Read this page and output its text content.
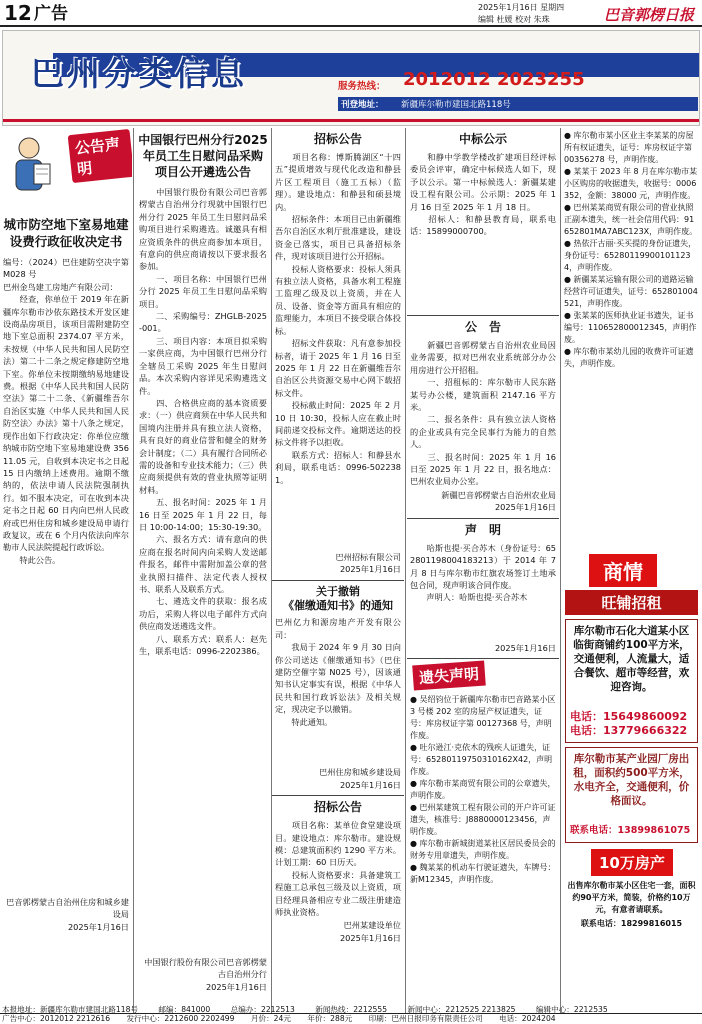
12 广告	2025年1月16日 星期四
编辑 杜媛 校对 朱珠	巴音郭楞日报
巴州分类信息	服务热线： 2012012 2023255
刊登地址： 新疆库尔勒市建国北路118号
公告声明
城市防空地下室易地建设费行政征收决定书
编号：（2024）巴住建防空决字第 M028 号
巴州金鸟建工房地产有限公司：
　　经查，你单位于 2019 年在新疆库尔勒市沙依东路技术开发区建设商品房项目，该项目需附建防空地下室总面积 2374.07 平方米，未按规（中华人民共和国人民防空法）第二十二条之规定修建防空地下室。你单位未按期缴纳易地建设费。根据《中华人民共和国人民防空法》第二十二条、《新疆维吾尔自治区实施〈中华人民共和国人民防空法〉办法》第十八条之规定，现作出如下行政决定：你单位应缴纳城市防空地下室易地建设费 35611.05 元，自收到本决定书之日起 15 日内缴纳上述费用。逾期不缴纳的，依法申请人民法院强制执行。如不服本决定，可在收到本决定书之日起 60 日内向巴州人民政府或巴州住房和城乡建设局申请行政复议，或在 6 个月内依法向库尔勒市人民法院提起行政诉讼。
　　特此公告。
巴音郭楞蒙古自治州住房和城乡建设局
2025年1月16日
中国银行巴州分行2025年员工生日慰问品采购项目公开遴选公告
　　中国银行股份有限公司巴音郭楞蒙古自治州分行现就中国银行巴州分行 2025 年员工生日慰问品采购项目进行采购遴选。诚邀具有相应资质条件的供应商参加本项目，有意向的供应商请按以下要求报名参加。
　　一、项目名称：中国银行巴州分行 2025 年员工生日慰问品采购项目。
　　二、采购编号：ZHGLB-2025-001。
　　三、项目内容：本项目拟采购一家供应商，为中国银行巴州分行全辖员工采购 2025 年生日慰问品。本次采购内容详见采购遴选文件。
　　四、合格供应商的基本资质要求：（一）供应商须在中华人民共和国境内注册并具有独立法人资格，具有良好的商业信誉和健全的财务会计制度；（二）具有履行合同所必需的设备和专业技术能力；（三）供应商须提供有效的营业执照等证明材料。
　　五、报名时间：2025 年 1 月 16 日至 2025 年 1 月 22 日，每日 10:00-14:00；15:30-19:30。
　　六、报名方式：请有意向的供应商在报名时间内向采购人发送邮件报名，邮件中需附加盖公章的营业执照扫描件、法定代表人授权书、联系人及联系方式。
　　七、遴选文件的获取：报名成功后，采购人将以电子邮件方式向供应商发送遴选文件。
　　八、联系方式：联系人：赵先生，联系电话：0996-2202386。
中国银行股份有限公司巴音郭楞蒙古自治州分行
2025年1月16日
招标公告
　　项目名称：博斯腾湖区“十四五”提质增效与现代化改造和静县片区工程项目（施工五标）（监理）。建设地点：和静县和硕县境内。
　　招标条件：本项目已由新疆维吾尔自治区水利厅批准建设，建设资金已落实，项目已具备招标条件，现对该项目进行公开招标。
　　投标人资格要求：投标人须具有独立法人资格，具备水利工程施工监理乙级及以上资质，并在人员、设备、资金等方面具有相应的监理能力，本项目不接受联合体投标。
　　招标文件获取：凡有意参加投标者，请于 2025 年 1 月 16 日至 2025 年 1 月 22 日在新疆维吾尔自治区公共资源交易中心网下载招标文件。
　　投标截止时间：2025 年 2 月 10 日 10:30，投标人应在截止时间前递交投标文件。逾期送达的投标文件将予以拒收。
　　联系方式：招标人：和静县水利局，联系电话：0996-5022381。
巴州招标有限公司
2025年1月16日
关于撤销
《催缴通知书》的通知
巴州亿力和源房地产开发有限公司：
　　我局于 2024 年 9 月 30 日向你公司送达《催缴通知书》（巴住建防空催字第 N025 号），因该通知书认定事实有误，根据《中华人民共和国行政诉讼法》及相关规定，现决定予以撤销。
　　特此通知。
巴州住房和城乡建设局
2025年1月16日
招标公告
　　项目名称：某单位食堂建设项目。建设地点：库尔勒市。建设规模：总建筑面积约 1290 平方米。计划工期：60 日历天。
　　投标人资格要求：具备建筑工程施工总承包三级及以上资质，项目经理具备相应专业二级注册建造师执业资格。

巴州某建设单位
2025年1月16日
中标公示
　　和静中学教学楼改扩建项目经评标委员会评审，确定中标候选人如下，现予以公示。第一中标候选人：新疆某建设工程有限公司。公示期：2025 年 1 月 16 日至 2025 年 1 月 18 日。
　　招标人：和静县教育局，联系电话：15899000700。
公　告
　　新疆巴音郭楞蒙古自治州农业局因业务需要，拟对巴州农业系统部分办公用房进行公开招租。
　　一、招租标的：库尔勒市人民东路某号办公楼，建筑面积 2147.16 平方米。
　　二、报名条件：具有独立法人资格的企业或具有完全民事行为能力的自然人。
　　三、报名时间：2025 年 1 月 16 日至 2025 年 1 月 22 日，报名地点：巴州农业局办公室。

新疆巴音郭楞蒙古自治州农业局
2025年1月16日
声　明
　　哈斯也提·买合苏木（身份证号：652801198004183213）于 2014 年 7 月 8 日与库尔勒市红旗农场签订土地承包合同，现声明该合同作废。
　　声明人：哈斯也提·买合苏木
2025年1月16日
遗失声明
● 吴绍钧位于新疆库尔勒市巴音路某小区 3 号楼 202 室的房屋产权证遗失，证号：库房权证字第 00127368 号，声明作废。
● 吐尔逊江·克依木的残疾人证遗失，证号：65280119750310162X42，声明作废。
● 库尔勒市某商贸有限公司的公章遗失，声明作废。
● 巴州某建筑工程有限公司的开户许可证遗失，核准号：J8880000123456，声明作废。
● 库尔勒市新城街道某社区居民委员会的财务专用章遗失，声明作废。
● 魏某某的机动车行驶证遗失，车牌号：新M12345，声明作废。
● 库尔勒市某小区业主李某某的房屋所有权证遗失，证号：库房权证字第 00356278 号，声明作废。
● 某某于 2023 年 8 月在库尔勒市某小区购房的收据遗失，收据号：0006352，金额：38000 元，声明作废。
● 巴州某某商贸有限公司的营业执照正副本遗失，统一社会信用代码：91652801MA7ABC123X，声明作废。
● 热依汗古丽·买买提的身份证遗失，身份证号：652801199001011234，声明作废。
● 新疆某某运输有限公司的道路运输经营许可证遗失，证号：652801004521，声明作废。
● 张某某的医师执业证书遗失，证书编号：110652800012345，声明作废。
● 库尔勒市某幼儿园的收费许可证遗失，声明作废。
商情
旺铺招租
库尔勒市石化大道某小区临街商铺约100平方米，交通便利，人流量大，适合餐饮、超市等经营，欢迎咨询。
电话：15649860092
电话：13779666322
库尔勒市某产业园厂房出租，面积约500平方米，水电齐全，交通便利，价格面议。
联系电话：13899861075
10万房产
出售库尔勒市某小区住宅一套，面积约90平方米，简装，价格约10万元，有意者请联系。
联系电话：18299816015
本报地址：新疆库尔勒市建国北路118号	邮编：841000	总编办：2212513	新闻热线：2212555	新闻中心：2212525 2213825	编辑中心：2212535
广告中心：2012012 2212616 发行中心：2212600 2202499 月价：24元 年价：288元 印刷：巴州日报印务有限责任公司 电话：2024204
